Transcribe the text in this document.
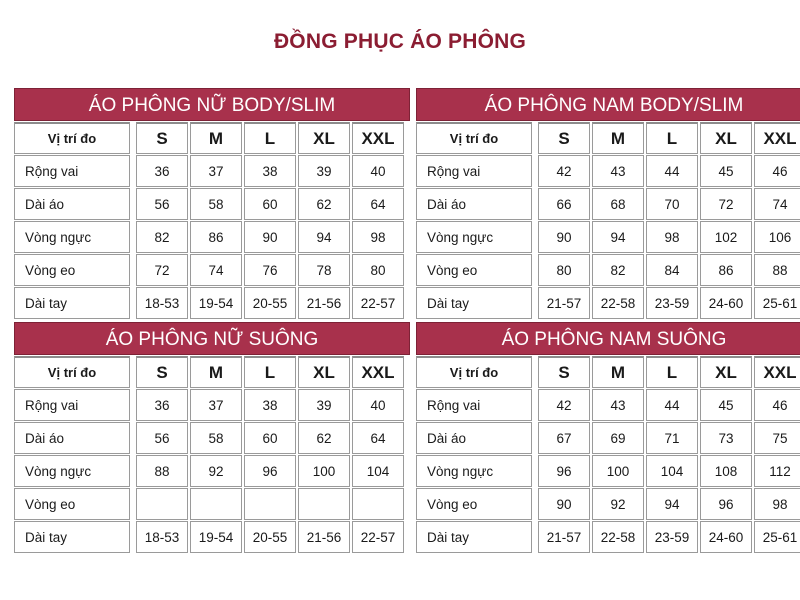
ĐỒNG PHỤC ÁO PHÔNG
ÁO PHÔNG NỮ BODY/SLIM
Vị trí đo	S	M	L	XL	XXL
Rộng vai	36	37	38	39	40
Dài áo	56	58	60	62	64
Vòng ngực	82	86	90	94	98
Vòng eo	72	74	76	78	80
Dài tay	18-53	19-54	20-55	21-56	22-57
ÁO PHÔNG NAM BODY/SLIM
Vị trí đo	S	M	L	XL	XXL
Rộng vai	42	43	44	45	46
Dài áo	66	68	70	72	74
Vòng ngực	90	94	98	102	106
Vòng eo	80	82	84	86	88
Dài tay	21-57	22-58	23-59	24-60	25-61
ÁO PHÔNG NỮ SUÔNG
Vị trí đo	S	M	L	XL	XXL
Rộng vai	36	37	38	39	40
Dài áo	56	58	60	62	64
Vòng ngực	88	92	96	100	104
Vòng eo
Dài tay	18-53	19-54	20-55	21-56	22-57
ÁO PHÔNG NAM SUÔNG
Vị trí đo	S	M	L	XL	XXL
Rộng vai	42	43	44	45	46
Dài áo	67	69	71	73	75
Vòng ngực	96	100	104	108	112
Vòng eo	90	92	94	96	98
Dài tay	21-57	22-58	23-59	24-60	25-61
